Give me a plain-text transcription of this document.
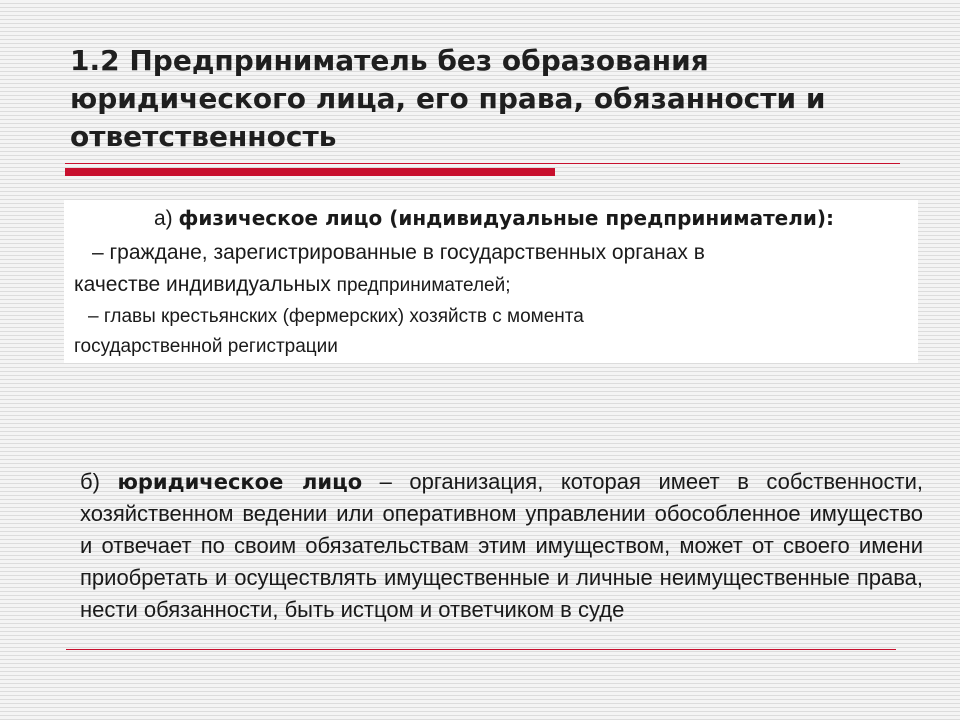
1.2 Предприниматель без образования юридического лица, его права, обязанности и ответственность

а) физическое лицо (индивидуальные предприниматели):

– граждане, зарегистрированные в государственных органах в

качестве индивидуальных предпринимателей;

– главы крестьянских (фермерских) хозяйств с момента

государственной регистрации

б) юридическое лицо – организация, которая имеет в собственности, хозяйственном ведении или оперативном управлении обособленное имущество и отвечает по своим обязательствам этим имуществом, может от своего имени приобретать и осуществлять имущественные и личные неимущественные права, нести обязанности, быть истцом и ответчиком в суде
